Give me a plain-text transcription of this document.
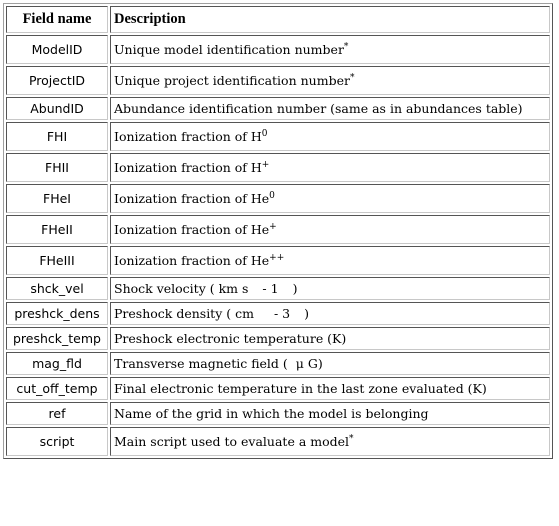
Field name	Description
ModelID	Unique model identification number*
ProjectID	Unique project identification number*
AbundID	Abundance identification number (same as in abundances table)
FHI	Ionization fraction of $H^0$
FHII	Ionization fraction of H+
FHeI	Ionization fraction of He$^0$
FHeII	Ionization fraction of He+
FHeIII	Ionization fraction of He++
shck_vel	Shock velocity ( km s - 1 )
preshck_dens	Preshock density ( cm - 3 )
preshck_temp	Preshock electronic temperature (K)
mag_fld	Transverse magnetic field ( μ G)
cut_off_temp	Final electronic temperature in the last zone evaluated (K)
ref	Name of the grid in which the model is belonging
script	Main script used to evaluate a model*
